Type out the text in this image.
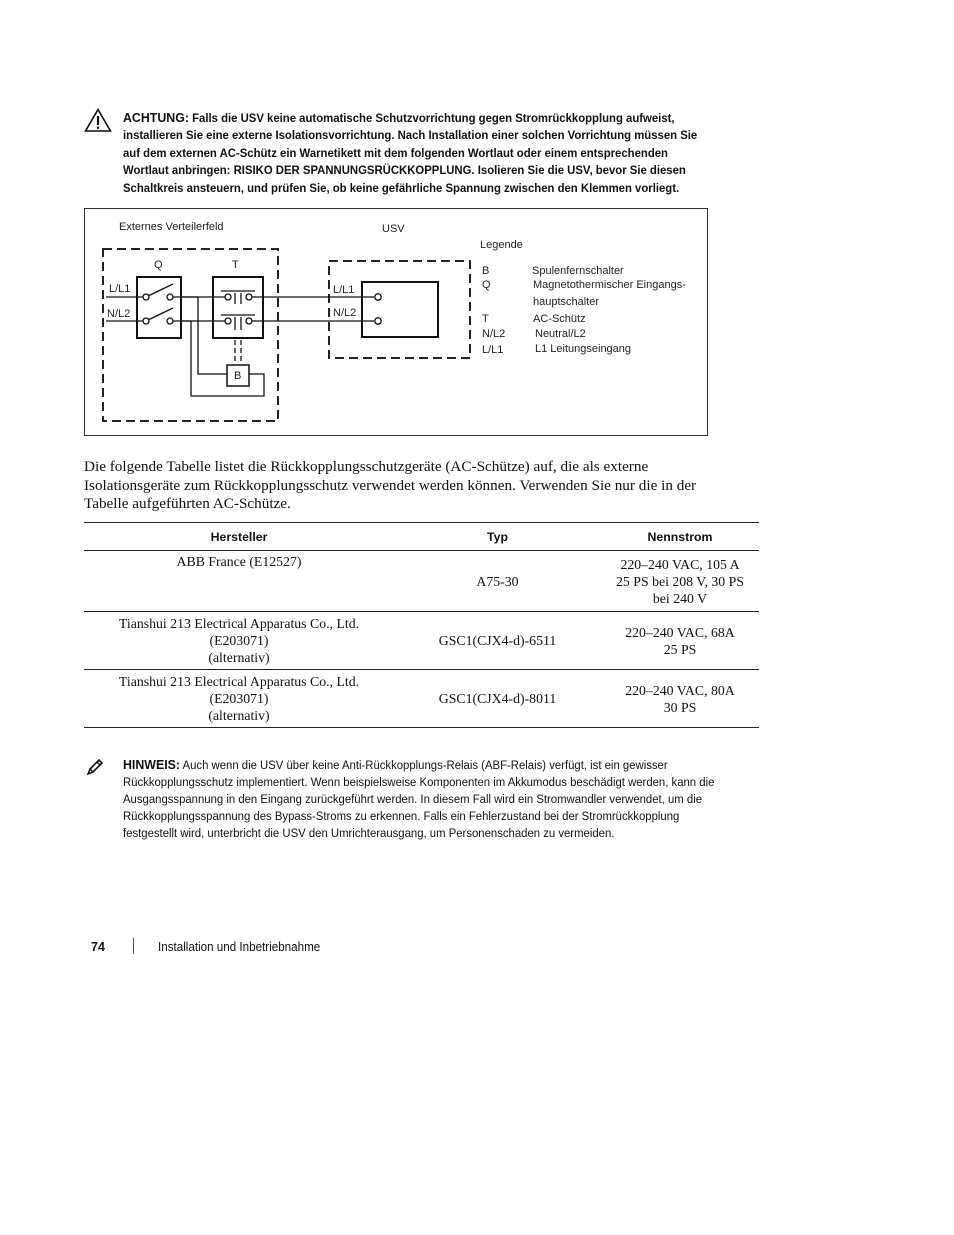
ACHTUNG: Falls die USV keine automatische Schutzvorrichtung gegen Stromrückkopplung aufweist, installieren Sie eine externe Isolationsvorrichtung. Nach Installation einer solchen Vorrichtung müssen Sie auf dem externen AC-Schütz ein Warnetikett mit dem folgenden Wortlaut oder einem entsprechenden Wortlaut anbringen: RISIKO DER SPANNUNGSRÜCKKOPPLUNG. Isolieren Sie die USV, bevor Sie diesen Schaltkreis ansteuern, und prüfen Sie, ob keine gefährliche Spannung zwischen den Klemmen vorliegt.
Externes Verteilerfeld	USV
Q	T
L/L1
N/L2
L/L1
N/L2
B
Legende
B	Spulenfernschalter
Q	Magnetothermischer Eingangs-
hauptschalter
T	AC-Schütz
N/L2	Neutral/L2
L/L1	L1 Leitungseingang

Die folgende Tabelle listet die Rückkopplungsschutzgeräte (AC-Schütze) auf, die als externe Isolationsgeräte zum Rückkopplungsschutz verwendet werden können. Verwenden Sie nur die in der Tabelle aufgeführten AC-Schütze.

Hersteller	Typ	Nennstrom
ABB France (E12527)	A75-30	220–240 VAC, 105 A
25 PS bei 208 V, 30 PS
bei 240 V
Tianshui 213 Electrical Apparatus Co., Ltd.
(E203071)
(alternativ)	GSC1(CJX4-d)-6511	220–240 VAC, 68A
25 PS
Tianshui 213 Electrical Apparatus Co., Ltd.
(E203071)
(alternativ)	GSC1(CJX4-d)-8011	220–240 VAC, 80A
30 PS
HINWEIS: Auch wenn die USV über keine Anti-Rückkopplungs-Relais (ABF-Relais) verfügt, ist ein gewisser Rückkopplungsschutz implementiert. Wenn beispielsweise Komponenten im Akkumodus beschädigt werden, kann die Ausgangsspannung in den Eingang zurückgeführt werden. In diesem Fall wird ein Stromwandler verwendet, um die Rückkopplungsspannung des Bypass-Stroms zu erkennen. Falls ein Fehlerzustand bei der Stromrückkopplung festgestellt wird, unterbricht die USV den Umrichterausgang, um Personenschaden zu vermeiden.
74	Installation und Inbetriebnahme
